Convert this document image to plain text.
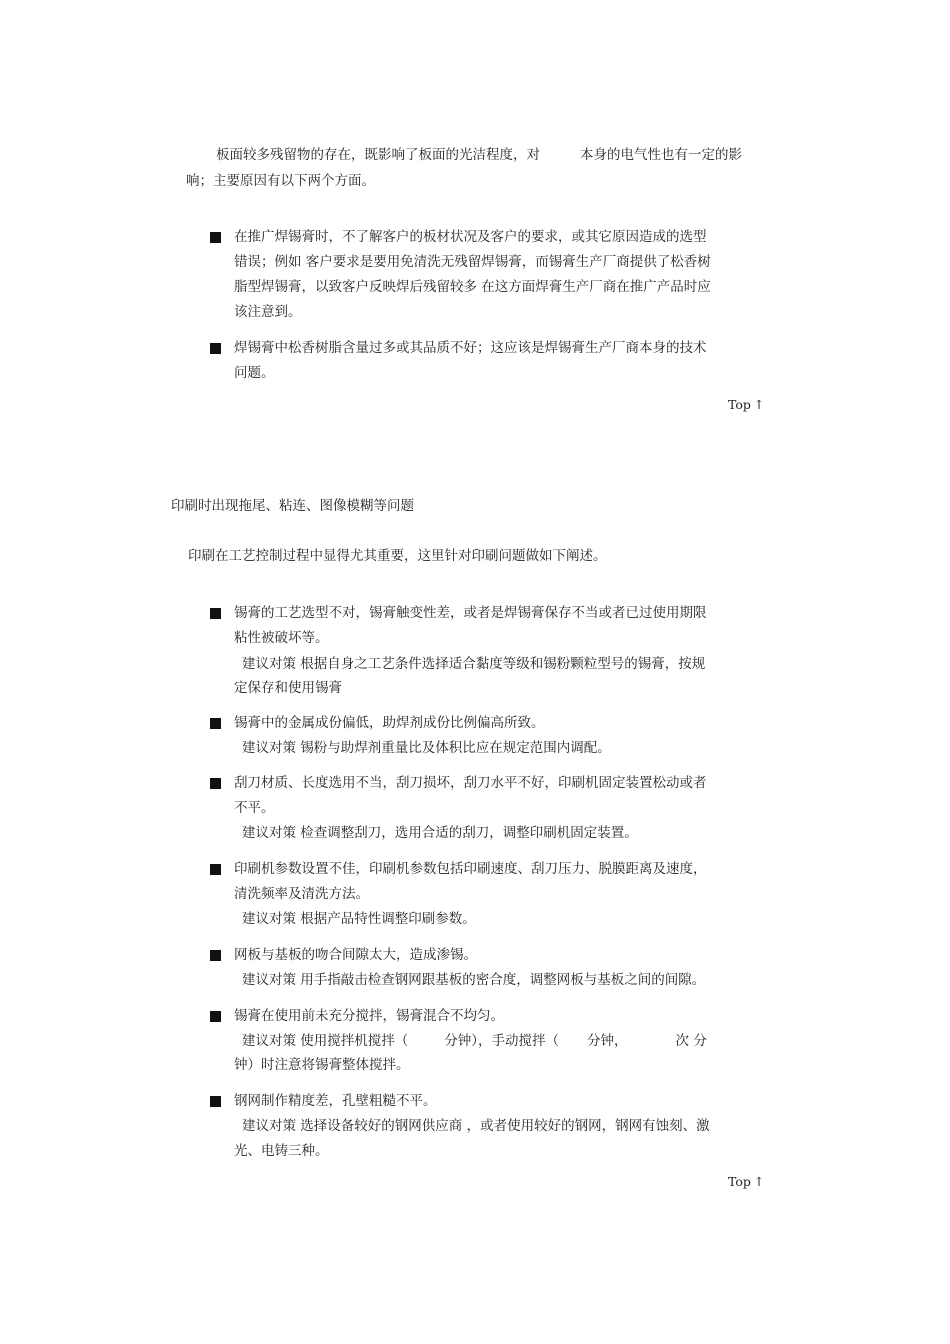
板面较多残留物的存在，既影响了板面的光洁程度，对	本身的电气性也有一定的影
响；主要原因有以下两个方面。
在推广焊锡膏时，不了解客户的板材状况及客户的要求，或其它原因造成的选型
错误；例如 客户要求是要用免清洗无残留焊锡膏，而锡膏生产厂商提供了松香树
脂型焊锡膏，以致客户反映焊后残留较多 在这方面焊膏生产厂商在推广产品时应
该注意到。
焊锡膏中松香树脂含量过多或其品质不好；这应该是焊锡膏生产厂商本身的技术
问题。
Top ↑
印刷时出现拖尾、粘连、图像模糊等问题
印刷在工艺控制过程中显得尤其重要，这里针对印刷问题做如下阐述。
锡膏的工艺选型不对，锡膏触变性差，或者是焊锡膏保存不当或者已过使用期限
粘性被破坏等。
建议对策 根据自身之工艺条件选择适合黏度等级和锡粉颗粒型号的锡膏，按规
定保存和使用锡膏
锡膏中的金属成份偏低，助焊剂成份比例偏高所致。
建议对策 锡粉与助焊剂重量比及体积比应在规定范围内调配。
刮刀材质、长度选用不当，刮刀损坏，刮刀水平不好，印刷机固定装置松动或者
不平。
建议对策 检查调整刮刀，选用合适的刮刀，调整印刷机固定装置。
印刷机参数设置不佳，印刷机参数包括印刷速度、刮刀压力、脱膜距离及速度，
清洗频率及清洗方法。
建议对策 根据产品特性调整印刷参数。
网板与基板的吻合间隙太大，造成渗锡。
建议对策 用手指敲击检查钢网跟基板的密合度，调整网板与基板之间的间隙。
锡膏在使用前未充分搅拌，锡膏混合不均匀。
建议对策 使用搅拌机搅拌（	分钟），手动搅拌（ 分钟，	次 分
钟）时注意将锡膏整体搅拌。
钢网制作精度差，孔壁粗糙不平。
建议对策 选择设备较好的钢网供应商 ，或者使用较好的钢网，钢网有蚀刻、激
光、电铸三种。
Top ↑
